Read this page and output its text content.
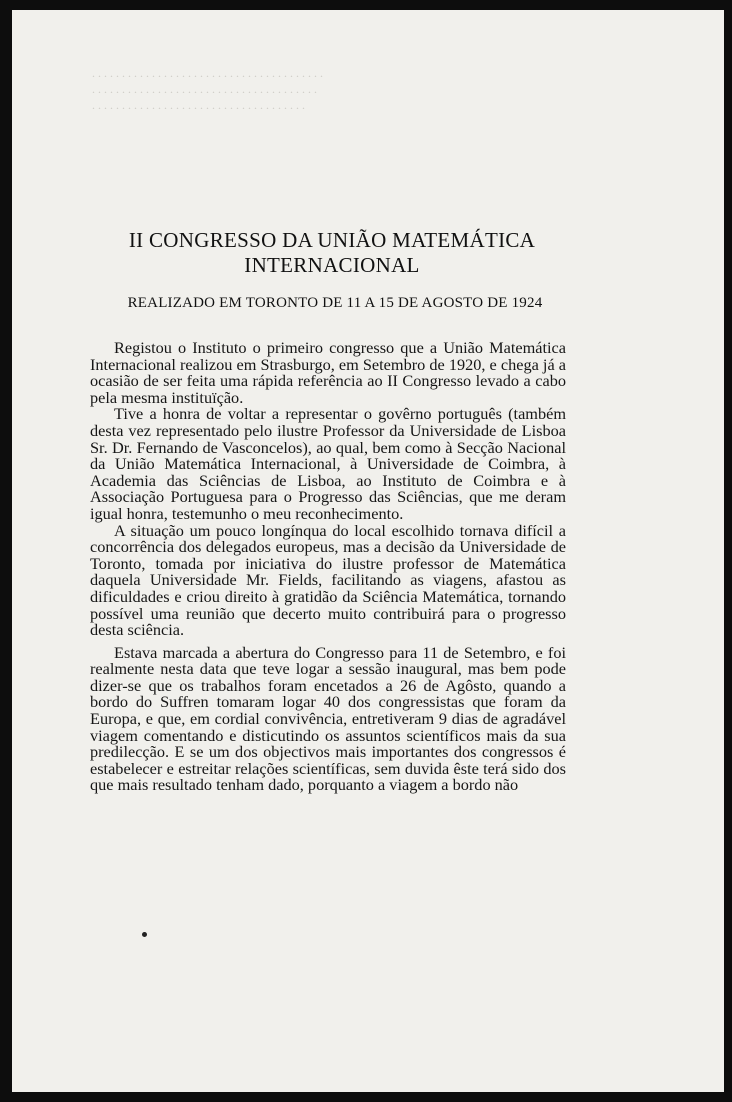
. . . . . . . . . . . . . . . . . . . . . . . . . . . . . . . . . . . . . . .
. . . . . . . . . . . . . . . . . . . . . . . . . . . . . . . . . . . . . .
. . . . . . . . . . . . . . . . . . . . . . . . . . . . . . . . . . . .
II CONGRESSO DA UNIÃO MATEMÁTICA INTERNACIONAL
REALIZADO EM TORONTO DE 11 A 15 DE AGOSTO DE 1924

Registou o Instituto o primeiro congresso que a União Matemática Internacional realizou em Strasburgo, em Setembro de 1920, e chega já a ocasião de ser feita uma rápida referência ao II Congresso levado a cabo pela mesma instituïção.

Tive a honra de voltar a representar o govêrno português (também desta vez representado pelo ilustre Professor da Universidade de Lisboa Sr. Dr. Fernando de Vasconcelos), ao qual, bem como à Secção Nacional da União Matemática Internacional, à Universidade de Coimbra, à Academia das Sciências de Lisboa, ao Instituto de Coimbra e à Associação Portuguesa para o Progresso das Sciências, que me deram igual honra, testemunho o meu reconhecimento.

A situação um pouco longínqua do local escolhido tornava difícil a concorrência dos delegados europeus, mas a decisão da Universidade de Toronto, tomada por iniciativa do ilustre professor de Matemática daquela Universidade Mr. Fields, facilitando as viagens, afastou as dificuldades e criou direito à gratidão da Sciência Matemática, tornando possível uma reunião que decerto muito contribuirá para o progresso desta sciência.

Estava marcada a abertura do Congresso para 11 de Setembro, e foi realmente nesta data que teve logar a sessão inaugural, mas bem pode dizer-se que os trabalhos foram encetados a 26 de Agôsto, quando a bordo do Suffren tomaram logar 40 dos congressistas que foram da Europa, e que, em cordial convivência, entretiveram 9 dias de agradável viagem comentando e disticutindo os assuntos scientíficos mais da sua predilecção. E se um dos objectivos mais importantes dos congressos é estabelecer e estreitar relações scientíficas, sem duvida êste terá sido dos que mais resultado tenham dado, porquanto a viagem a bordo não
